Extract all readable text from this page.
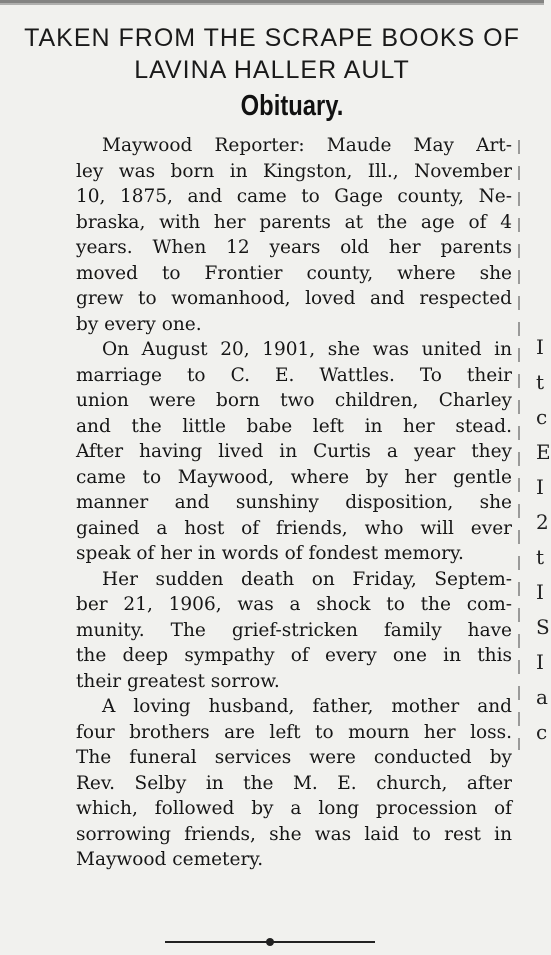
TAKEN FROM THE SCRAPE BOOKS OF
LAVINA HALLER AULT
Obituary.
Maywood Reporter: Maude May Art-
ley was born in Kingston, Ill., November
10, 1875, and came to Gage county, Ne-
braska, with her parents at the age of 4
years. When 12 years old her parents
moved to Frontier county, where she
grew to womanhood, loved and respected
by every one.
On August 20, 1901, she was united in
marriage to C. E. Wattles. To their
union were born two children, Charley
and the little babe left in her stead.
After having lived in Curtis a year they
came to Maywood, where by her gentle
manner and sunshiny disposition, she
gained a host of friends, who will ever
speak of her in words of fondest memory.
Her sudden death on Friday, Septem-
ber 21, 1906, was a shock to the com-
munity. The grief-stricken family have
the deep sympathy of every one in this
their greatest sorrow.
A loving husband, father, mother and
four brothers are left to mourn her loss.
The funeral services were conducted by
Rev. Selby in the M. E. church, after
which, followed by a long procession of
sorrowing friends, she was laid to rest in
Maywood cemetery.
I
t
c
E
I
2
t
I
S
I
a
c
